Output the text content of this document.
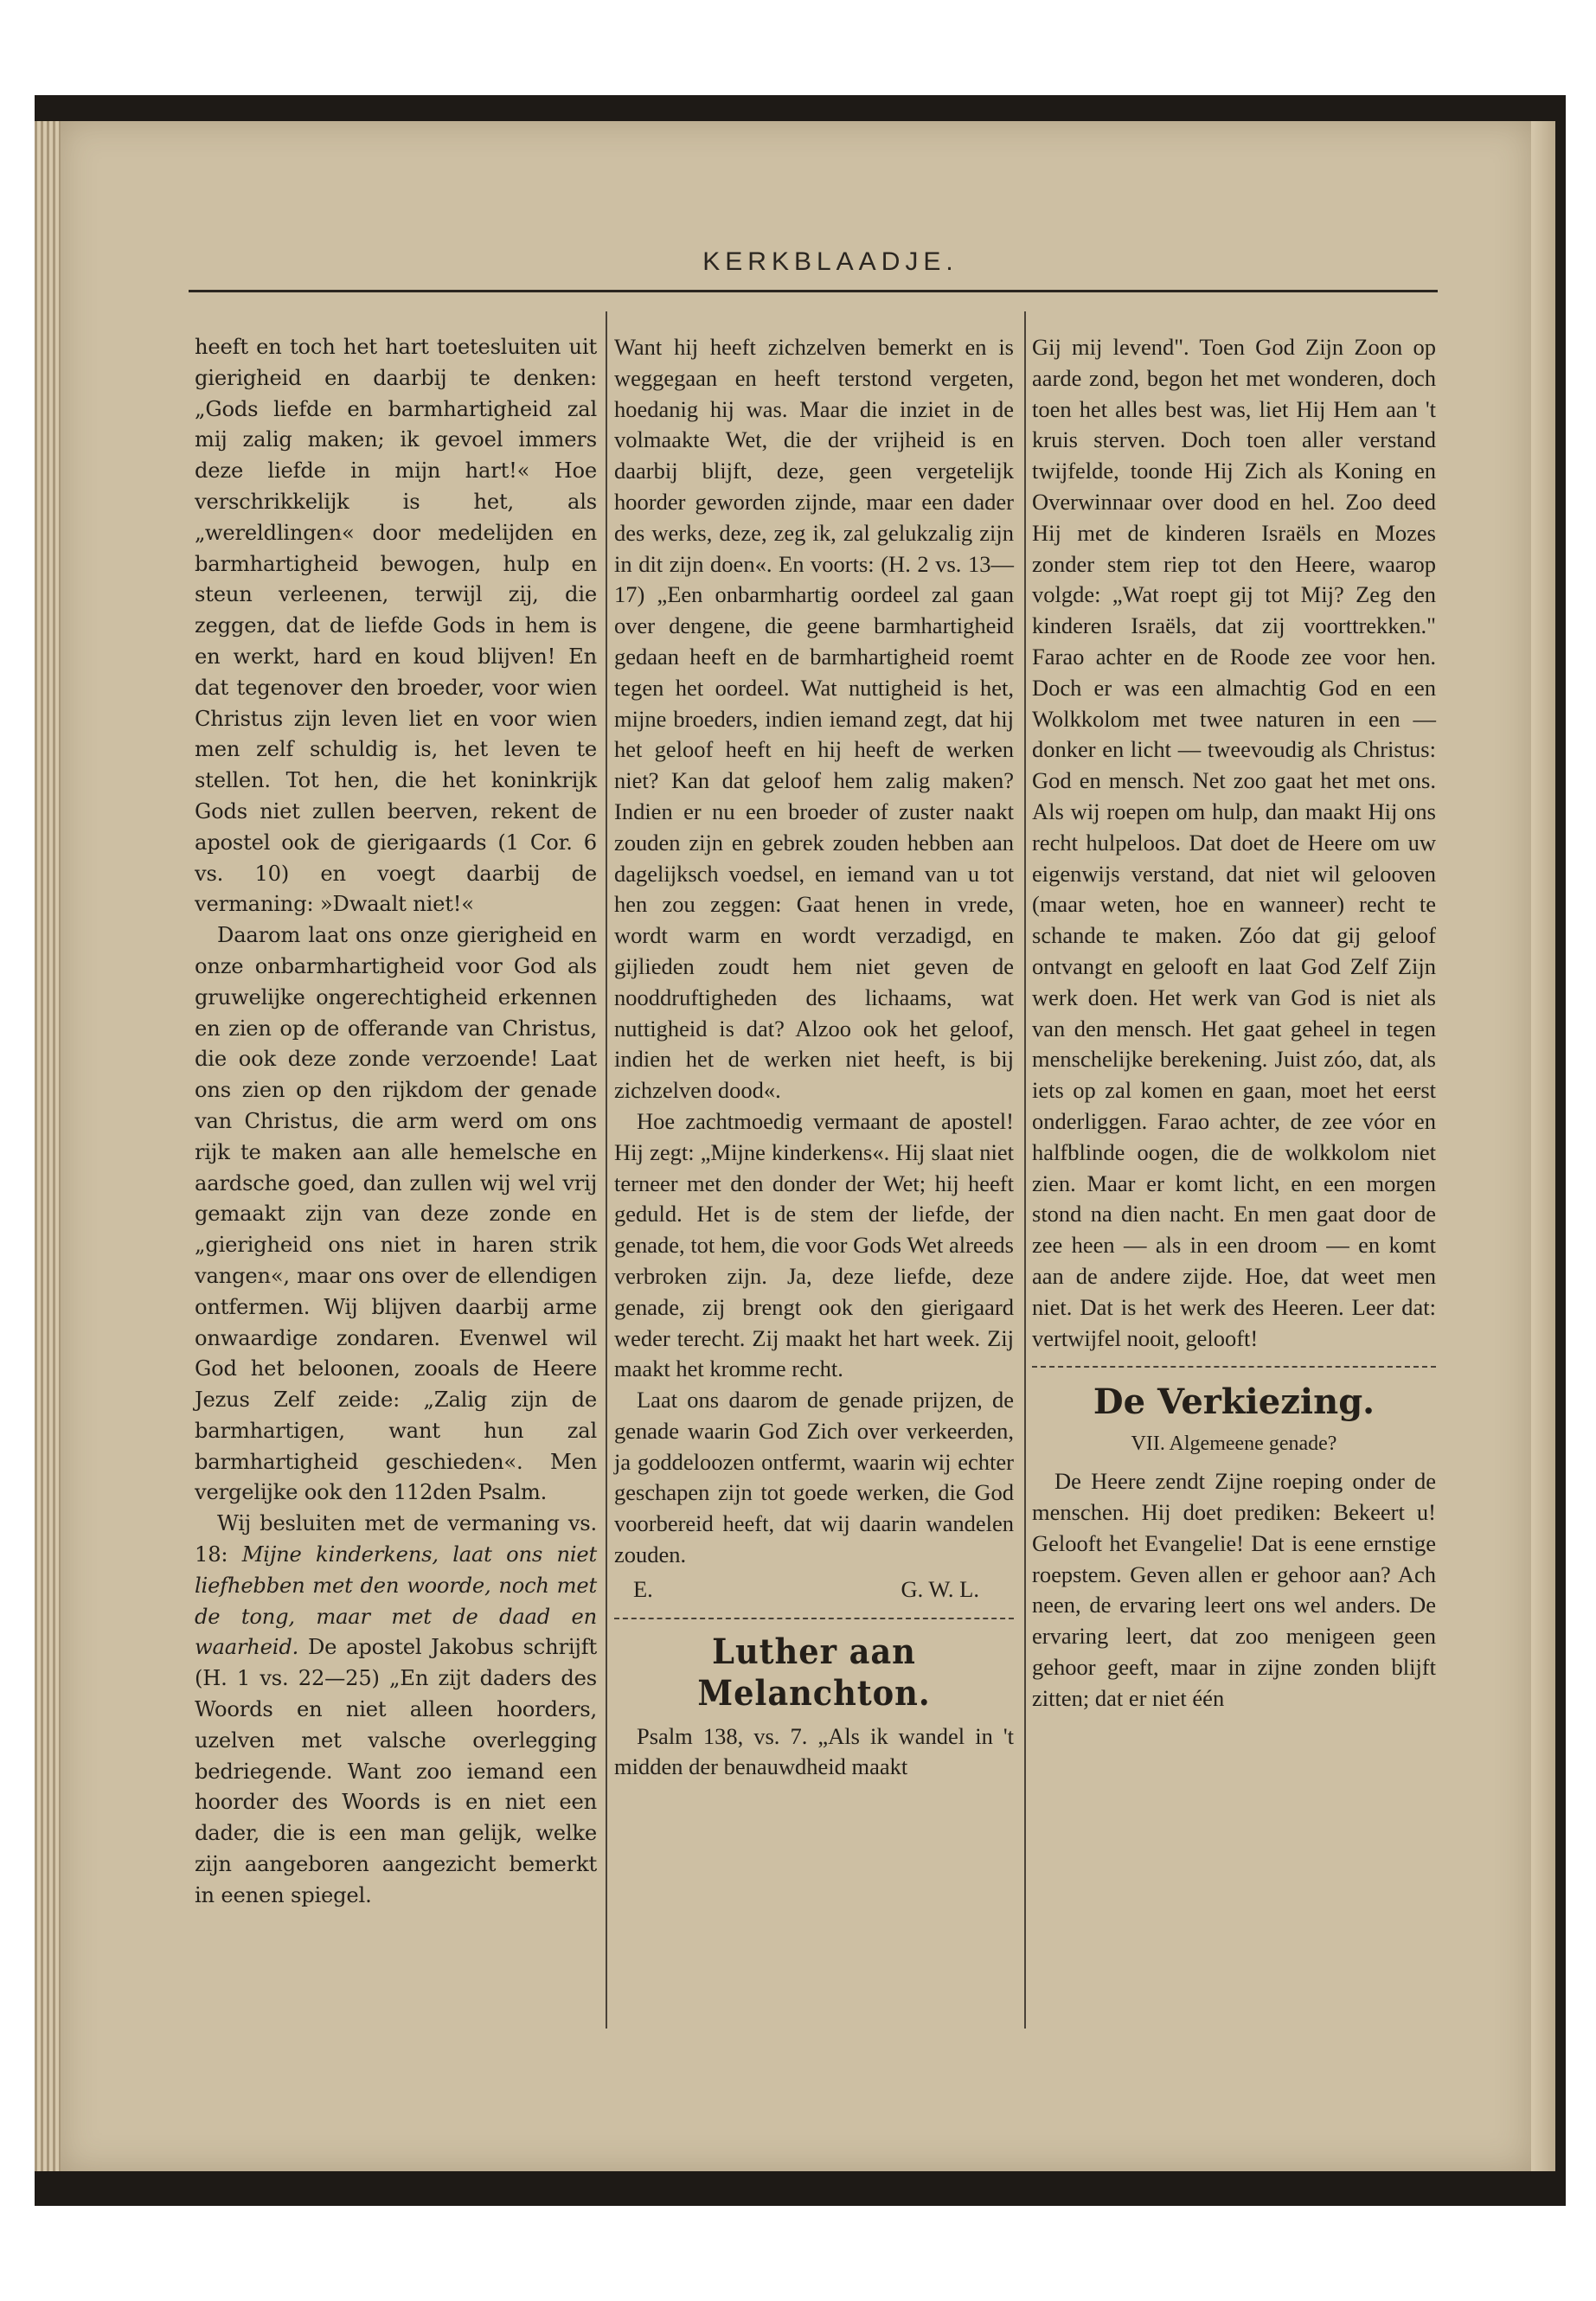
KERKBLAADJE.

heeft en toch het hart toetesluiten uit gierigheid en daarbij te denken: „Gods liefde en barmhartigheid zal mij zalig maken; ik gevoel immers deze liefde in mijn hart!« Hoe verschrikkelijk is het, als „wereldlingen« door medelijden en barmhartigheid bewogen, hulp en steun verleenen, terwijl zij, die zeggen, dat de liefde Gods in hem is en werkt, hard en koud blijven! En dat tegenover den broeder, voor wien Christus zijn leven liet en voor wien men zelf schuldig is, het leven te stellen. Tot hen, die het koninkrijk Gods niet zullen beerven, rekent de apostel ook de gierigaards (1 Cor. 6 vs. 10) en voegt daarbij de vermaning: »Dwaalt niet!«

Daarom laat ons onze gierigheid en onze onbarmhartigheid voor God als gruwelijke ongerechtigheid erkennen en zien op de offerande van Christus, die ook deze zonde verzoende! Laat ons zien op den rijkdom der genade van Christus, die arm werd om ons rijk te maken aan alle hemelsche en aardsche goed, dan zullen wij wel vrij gemaakt zijn van deze zonde en „gierigheid ons niet in haren strik vangen«, maar ons over de ellendigen ontfermen. Wij blijven daarbij arme onwaardige zondaren. Evenwel wil God het beloonen, zooals de Heere Jezus Zelf zeide: „Zalig zijn de barmhartigen, want hun zal barmhartigheid geschieden«. Men vergelijke ook den 112den Psalm.

Wij besluiten met de vermaning vs. 18: Mijne kinderkens, laat ons niet liefhebben met den woorde, noch met de tong, maar met de daad en waarheid. De apostel Jakobus schrijft (H. 1 vs. 22—25) „En zijt daders des Woords en niet alleen hoorders, uzelven met valsche overlegging bedriegende. Want zoo iemand een hoorder des Woords is en niet een dader, die is een man gelijk, welke zijn aangeboren aangezicht bemerkt in eenen spiegel.

Want hij heeft zichzelven bemerkt en is weggegaan en heeft terstond vergeten, hoedanig hij was. Maar die inziet in de volmaakte Wet, die der vrijheid is en daarbij blijft, deze, geen vergetelijk hoorder geworden zijnde, maar een dader des werks, deze, zeg ik, zal gelukzalig zijn in dit zijn doen«. En voorts: (H. 2 vs. 13—17) „Een onbarmhartig oordeel zal gaan over dengene, die geene barmhartigheid gedaan heeft en de barmhartigheid roemt tegen het oordeel. Wat nuttigheid is het, mijne broeders, indien iemand zegt, dat hij het geloof heeft en hij heeft de werken niet? Kan dat geloof hem zalig maken? Indien er nu een broeder of zuster naakt zouden zijn en gebrek zouden hebben aan dagelijksch voedsel, en iemand van u tot hen zou zeggen: Gaat henen in vrede, wordt warm en wordt verzadigd, en gijlieden zoudt hem niet geven de nooddruftigheden des lichaams, wat nuttigheid is dat? Alzoo ook het geloof, indien het de werken niet heeft, is bij zichzelven dood«.

Hoe zachtmoedig vermaant de apostel! Hij zegt: „Mijne kinderkens«. Hij slaat niet terneer met den donder der Wet; hij heeft geduld. Het is de stem der liefde, der genade, tot hem, die voor Gods Wet alreeds verbroken zijn. Ja, deze liefde, deze genade, zij brengt ook den gierigaard weder terecht. Zij maakt het hart week. Zij maakt het kromme recht.

Laat ons daarom de genade prijzen, de genade waarin God Zich over verkeerden, ja goddeloozen ontfermt, waarin wij echter geschapen zijn tot goede werken, die God voorbereid heeft, dat wij daarin wandelen zouden.

E.	G. W. L.
Luther aan Melanchton.

Psalm 138, vs. 7. „Als ik wandel in 't midden der benauwdheid maakt

Gij mij levend". Toen God Zijn Zoon op aarde zond, begon het met wonderen, doch toen het alles best was, liet Hij Hem aan 't kruis sterven. Doch toen aller verstand twijfelde, toonde Hij Zich als Koning en Overwinnaar over dood en hel. Zoo deed Hij met de kinderen Israëls en Mozes zonder stem riep tot den Heere, waarop volgde: „Wat roept gij tot Mij? Zeg den kinderen Israëls, dat zij voorttrekken." Farao achter en de Roode zee voor hen. Doch er was een almachtig God en een Wolkkolom met twee naturen in een — donker en licht — tweevoudig als Christus: God en mensch. Net zoo gaat het met ons. Als wij roepen om hulp, dan maakt Hij ons recht hulpeloos. Dat doet de Heere om uw eigenwijs verstand, dat niet wil gelooven (maar weten, hoe en wanneer) recht te schande te maken. Zóo dat gij geloof ontvangt en gelooft en laat God Zelf Zijn werk doen. Het werk van God is niet als van den mensch. Het gaat geheel in tegen menschelijke berekening. Juist zóo, dat, als iets op zal komen en gaan, moet het eerst onderliggen. Farao achter, de zee vóor en halfblinde oogen, die de wolkkolom niet zien. Maar er komt licht, en een morgen stond na dien nacht. En men gaat door de zee heen — als in een droom — en komt aan de andere zijde. Hoe, dat weet men niet. Dat is het werk des Heeren. Leer dat: vertwijfel nooit, gelooft!

De Verkiezing.
VII. Algemeene genade?

De Heere zendt Zijne roeping onder de menschen. Hij doet prediken: Bekeert u! Gelooft het Evangelie! Dat is eene ernstige roepstem. Geven allen er gehoor aan? Ach neen, de ervaring leert ons wel anders. De ervaring leert, dat zoo menigeen geen gehoor geeft, maar in zijne zonden blijft zitten; dat er niet één
